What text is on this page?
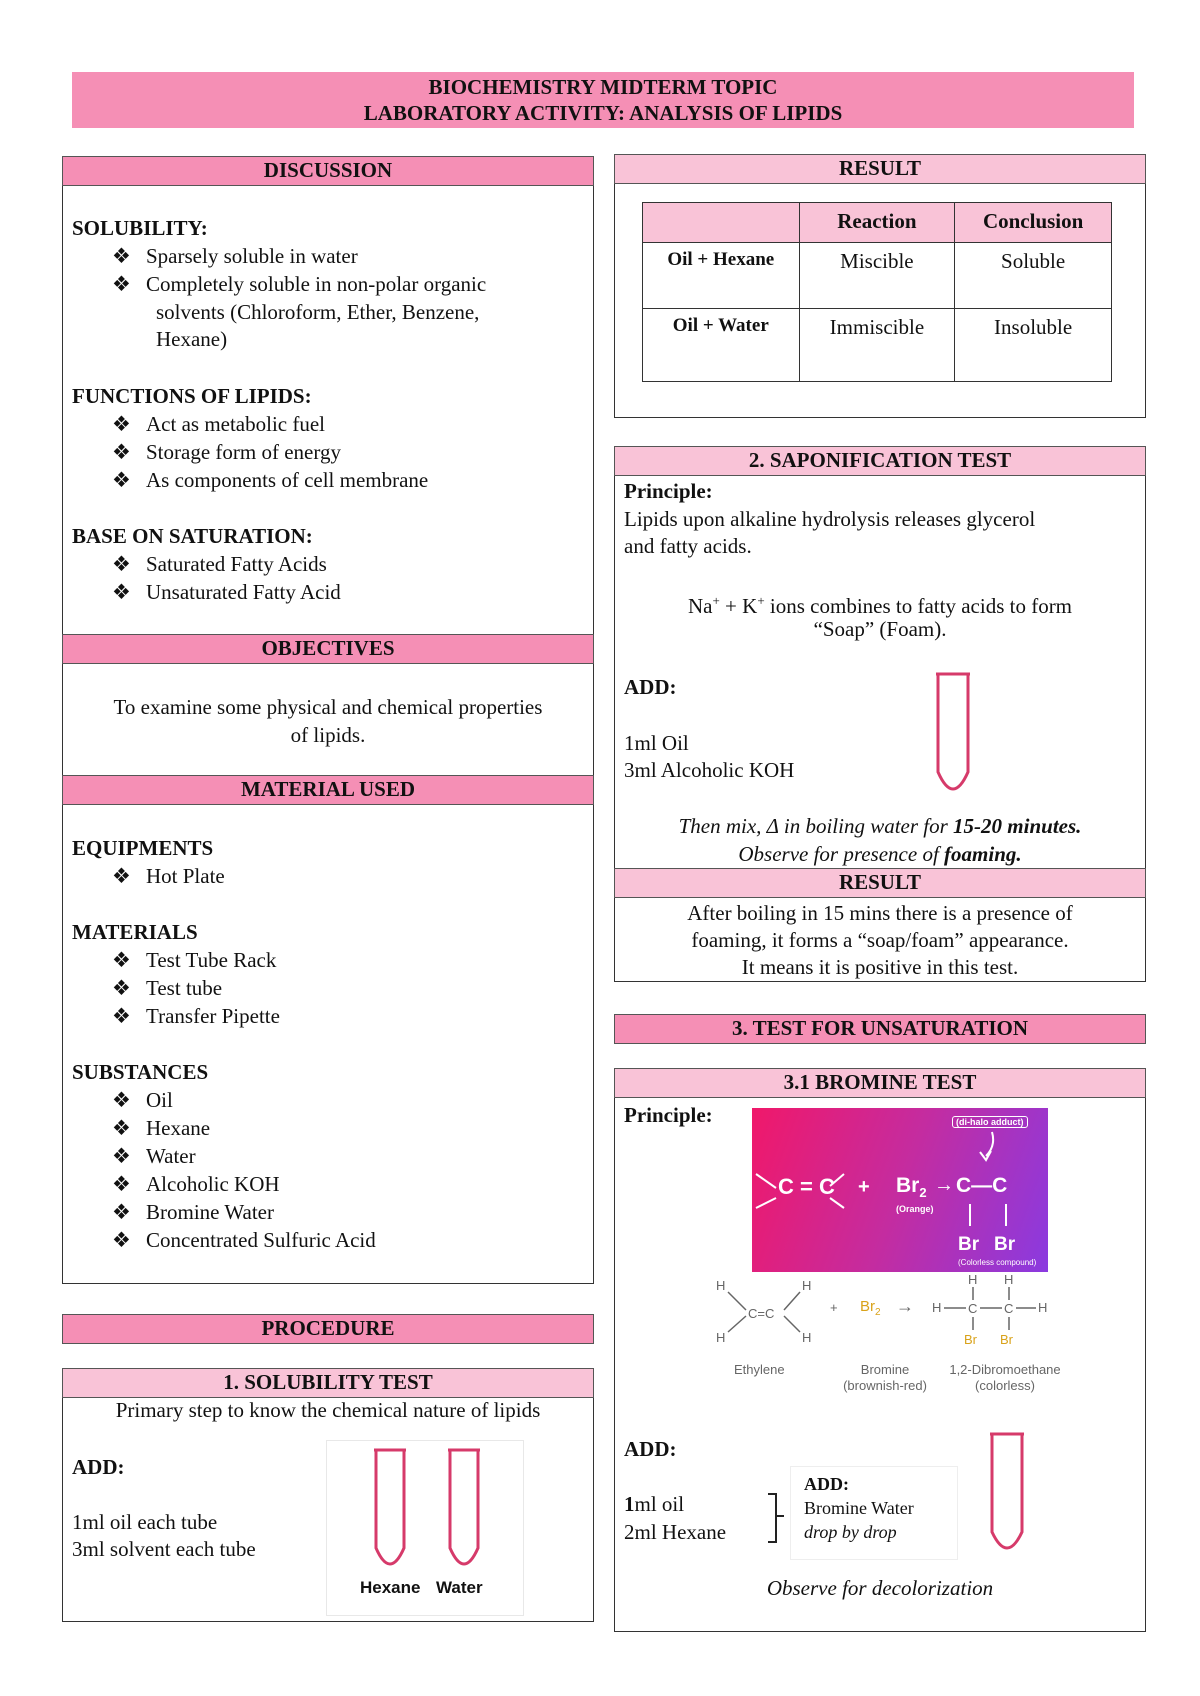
BIOCHEMISTRY MIDTERM TOPIC
LABORATORY ACTIVITY: ANALYSIS OF LIPIDS
DISCUSSION
SOLUBILITY:
❖ Sparsely soluble in water
❖ Completely soluble in non-polar organic
solvents (Chloroform, Ether, Benzene,
Hexane)
FUNCTIONS OF LIPIDS:
❖ Act as metabolic fuel
❖ Storage form of energy
❖ As components of cell membrane
BASE ON SATURATION:
❖ Saturated Fatty Acids
❖ Unsaturated Fatty Acid
OBJECTIVES
To examine some physical and chemical properties
of lipids.
MATERIAL USED
EQUIPMENTS
❖ Hot Plate
MATERIALS
❖ Test Tube Rack
❖ Test tube
❖ Transfer Pipette
SUBSTANCES
❖ Oil
❖ Hexane
❖ Water
❖ Alcoholic KOH
❖ Bromine Water
❖ Concentrated Sulfuric Acid
PROCEDURE
1. SOLUBILITY TEST
Primary step to know the chemical nature of lipids
ADD:
1ml oil each tube
3ml solvent each tube
Hexane Water
RESULT
	Reaction	Conclusion
Oil + Hexane	Miscible	Soluble
Oil + Water	Immiscible	Insoluble
2. SAPONIFICATION TEST
Principle:
Lipids upon alkaline hydrolysis releases glycerol
and fatty acids.
Na+ + K+ ions combines to fatty acids to form
“Soap” (Foam).
ADD:
1ml Oil
3ml Alcoholic KOH
Then mix, Δ in boiling water for 15-20 minutes.
Observe for presence of foaming.
RESULT
After boiling in 15 mins there is a presence of
foaming, it forms a “soap/foam” appearance.
It means it is positive in this test.
3. TEST FOR UNSATURATION
3.1 BROMINE TEST
Principle:	(di-halo adduct)
$C = C + Br_2$ →
(Orange)
C—C
Br Br
(Colorless compound)
H
H
H
H
C=C	+ $Br_2$ →
H H
H C C H
Br Br
Ethylene	Bromine
(brownish-red)
1,2-Dibromoethane
(colorless)
ADD:
1ml oil
2ml Hexane
ADD:
Bromine Water
drop by drop
Observe for decolorization
